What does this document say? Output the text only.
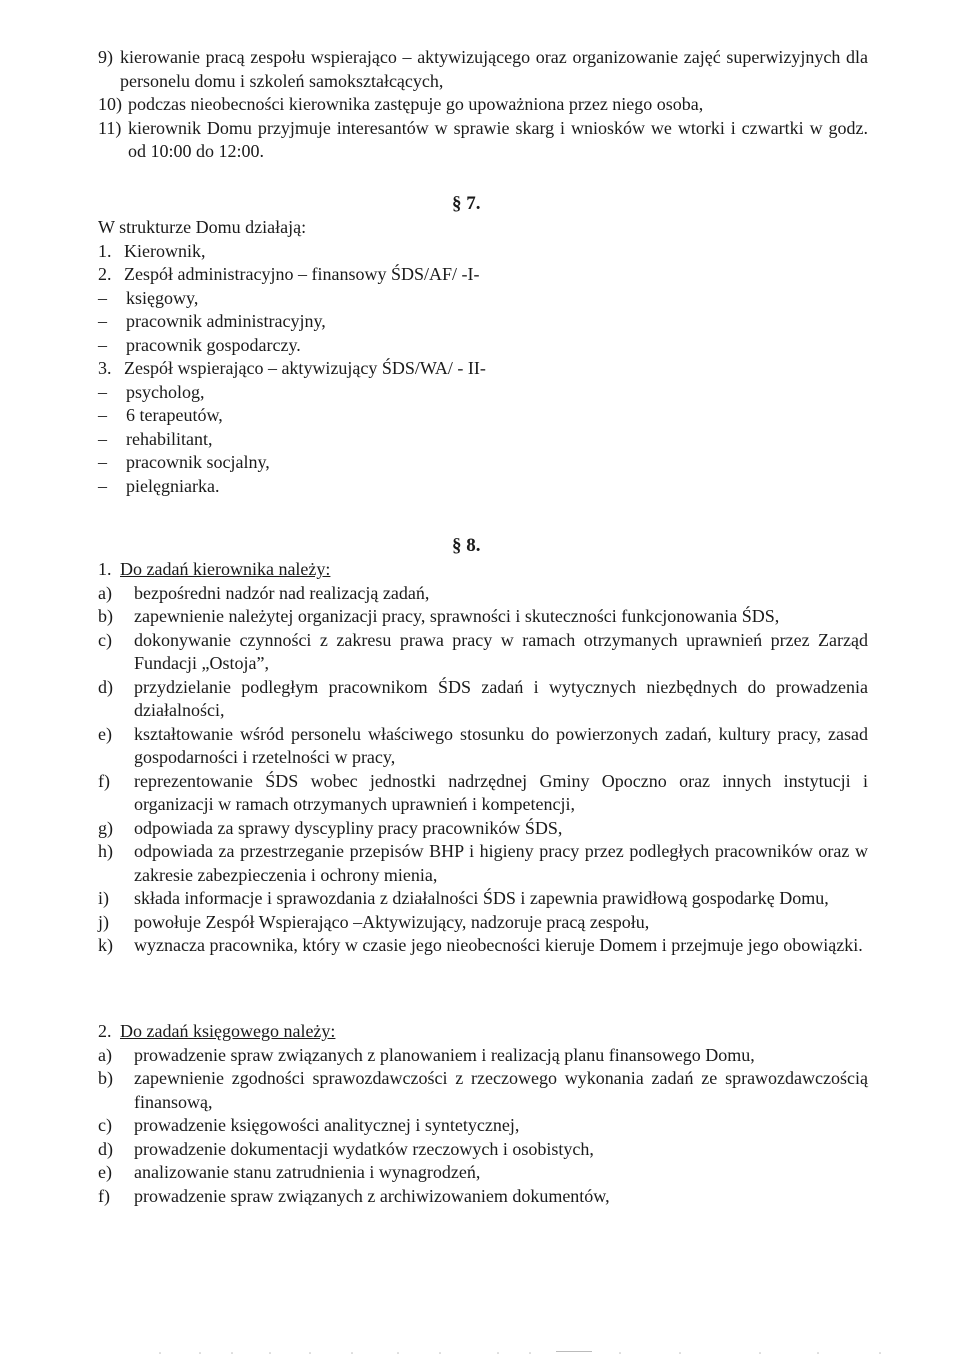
9) kierowanie pracą zespołu wspierająco – aktywizującego oraz organizowanie zajęć superwizyjnych dla personelu domu i szkoleń samokształcących,
10) podczas nieobecności kierownika zastępuje go upoważniona przez niego osoba,
11) kierownik Domu przyjmuje interesantów w sprawie skarg i wniosków we wtorki i czwartki w godz. od 10:00 do 12:00.
§ 7.
W strukturze Domu działają:
1. Kierownik,
2. Zespół administracyjno – finansowy ŚDS/AF/ -I-
–	księgowy,
–	pracownik administracyjny,
–	pracownik gospodarczy.
3. Zespół wspierająco – aktywizujący ŚDS/WA/ - II-
–	psycholog,
–	6 terapeutów,
–	rehabilitant,
–	pracownik socjalny,
–	pielęgniarka.
§ 8.
1. Do zadań kierownika należy:
a)	bezpośredni nadzór nad realizacją zadań,
b)	zapewnienie należytej organizacji pracy, sprawności i skuteczności funkcjonowania ŚDS,
c)	dokonywanie czynności z zakresu prawa pracy w ramach otrzymanych uprawnień przez Zarząd Fundacji „Ostoja”,
d)	przydzielanie podległym pracownikom ŚDS zadań i wytycznych niezbędnych do prowadzenia działalności,
e)	kształtowanie wśród personelu właściwego stosunku do powierzonych zadań, kultury pracy, zasad gospodarności i rzetelności w pracy,
f)	reprezentowanie ŚDS wobec jednostki nadrzędnej Gminy Opoczno oraz innych instytucji i organizacji w ramach otrzymanych uprawnień i kompetencji,
g)	odpowiada za sprawy dyscypliny pracy pracowników ŚDS,
h)	odpowiada za przestrzeganie przepisów BHP i higieny pracy przez podległych pracowników oraz w zakresie zabezpieczenia i ochrony mienia,
i)	składa informacje i sprawozdania z działalności ŚDS i zapewnia prawidłową gospodarkę Domu,
j)	powołuje Zespół Wspierająco –Aktywizujący, nadzoruje pracą zespołu,
k)	wyznacza pracownika, który w czasie jego nieobecności kieruje Domem i przejmuje jego obowiązki.
2. Do zadań księgowego należy:
a)	prowadzenie spraw związanych z planowaniem i realizacją planu finansowego Domu,
b)	zapewnienie zgodności sprawozdawczości z rzeczowego wykonania zadań ze sprawozdawczością finansową,
c)	prowadzenie księgowości analitycznej i syntetycznej,
d)	prowadzenie dokumentacji wydatków rzeczowych i osobistych,
e)	analizowanie stanu zatrudnienia i wynagrodzeń,
f)	prowadzenie spraw związanych z archiwizowaniem dokumentów,
